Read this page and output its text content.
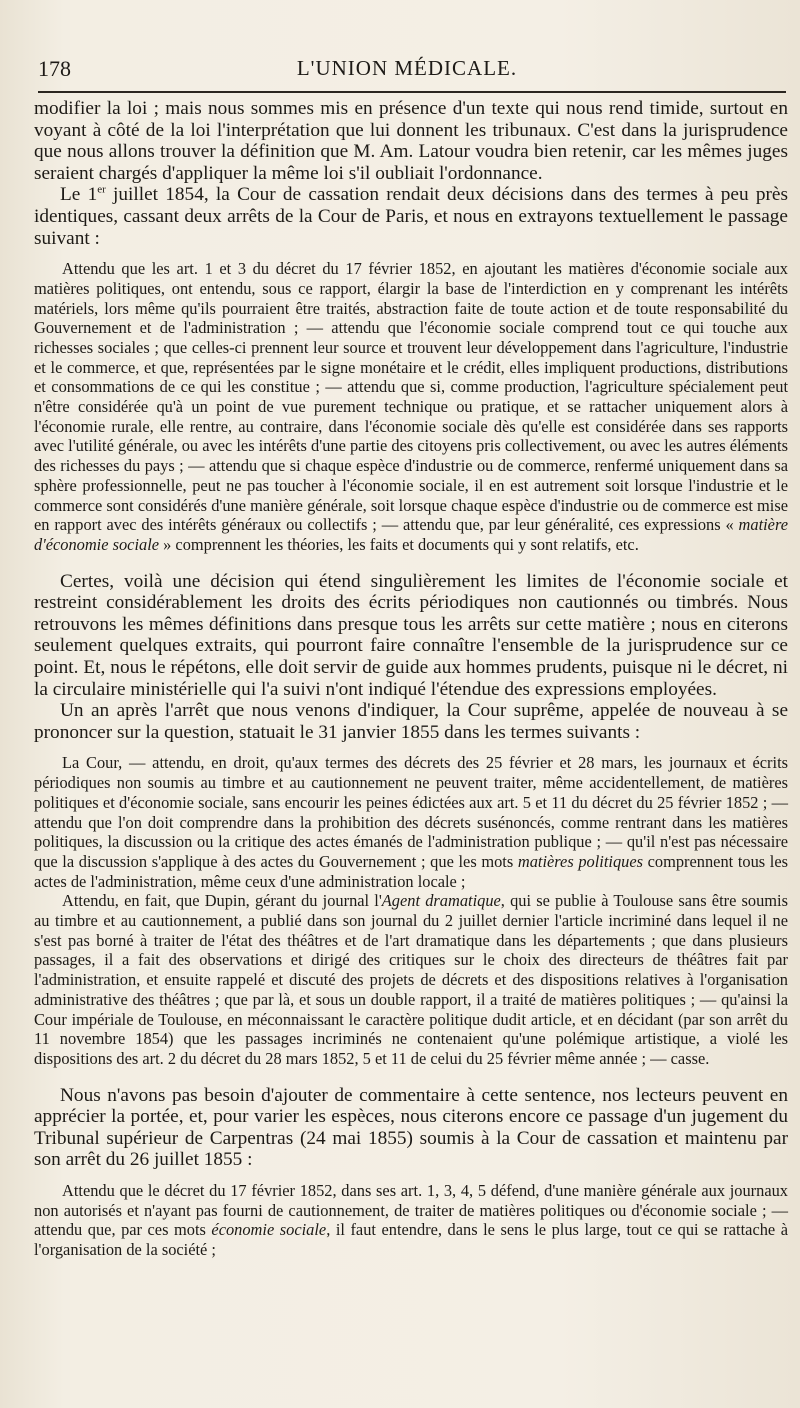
178	L'UNION MÉDICALE.

modifier la loi ; mais nous sommes mis en présence d'un texte qui nous rend timide, surtout en voyant à côté de la loi l'interprétation que lui donnent les tribunaux. C'est dans la jurisprudence que nous allons trouver la définition que M. Am. Latour voudra bien retenir, car les mêmes juges seraient chargés d'appliquer la même loi s'il oubliait l'ordonnance.

Le 1er juillet 1854, la Cour de cassation rendait deux décisions dans des termes à peu près identiques, cassant deux arrêts de la Cour de Paris, et nous en extrayons textuellement le passage suivant :

Attendu que les art. 1 et 3 du décret du 17 février 1852, en ajoutant les matières d'économie sociale aux matières politiques, ont entendu, sous ce rapport, élargir la base de l'interdiction en y comprenant les intérêts matériels, lors même qu'ils pourraient être traités, abstraction faite de toute action et de toute responsabilité du Gouvernement et de l'administration ; — attendu que l'économie sociale comprend tout ce qui touche aux richesses sociales ; que celles-ci prennent leur source et trouvent leur développement dans l'agriculture, l'industrie et le commerce, et que, représentées par le signe monétaire et le crédit, elles impliquent productions, distributions et consommations de ce qui les constitue ; — attendu que si, comme production, l'agriculture spécialement peut n'être considérée qu'à un point de vue purement technique ou pratique, et se rattacher uniquement alors à l'économie rurale, elle rentre, au contraire, dans l'économie sociale dès qu'elle est considérée dans ses rapports avec l'utilité générale, ou avec les intérêts d'une partie des citoyens pris collectivement, ou avec les autres éléments des richesses du pays ; — attendu que si chaque espèce d'industrie ou de commerce, renfermé uniquement dans sa sphère professionnelle, peut ne pas toucher à l'économie sociale, il en est autrement soit lorsque l'industrie et le commerce sont considérés d'une manière générale, soit lorsque chaque espèce d'industrie ou de commerce est mise en rapport avec des intérêts généraux ou collectifs ; — attendu que, par leur généralité, ces expressions « matière d'économie sociale » comprennent les théories, les faits et documents qui y sont relatifs, etc.

Certes, voilà une décision qui étend singulièrement les limites de l'économie sociale et restreint considérablement les droits des écrits périodiques non cautionnés ou timbrés. Nous retrouvons les mêmes définitions dans presque tous les arrêts sur cette matière ; nous en citerons seulement quelques extraits, qui pourront faire connaître l'ensemble de la jurisprudence sur ce point. Et, nous le répétons, elle doit servir de guide aux hommes prudents, puisque ni le décret, ni la circulaire ministérielle qui l'a suivi n'ont indiqué l'étendue des expressions employées.

Un an après l'arrêt que nous venons d'indiquer, la Cour suprême, appelée de nouveau à se prononcer sur la question, statuait le 31 janvier 1855 dans les termes suivants :

La Cour, — attendu, en droit, qu'aux termes des décrets des 25 février et 28 mars, les journaux et écrits périodiques non soumis au timbre et au cautionnement ne peuvent traiter, même accidentellement, de matières politiques et d'économie sociale, sans encourir les peines édictées aux art. 5 et 11 du décret du 25 février 1852 ; — attendu que l'on doit comprendre dans la prohibition des décrets susénoncés, comme rentrant dans les matières politiques, la discussion ou la critique des actes émanés de l'administration publique ; — qu'il n'est pas nécessaire que la discussion s'applique à des actes du Gouvernement ; que les mots matières politiques comprennent tous les actes de l'administration, même ceux d'une administration locale ;

Attendu, en fait, que Dupin, gérant du journal l'Agent dramatique, qui se publie à Toulouse sans être soumis au timbre et au cautionnement, a publié dans son journal du 2 juillet dernier l'article incriminé dans lequel il ne s'est pas borné à traiter de l'état des théâtres et de l'art dramatique dans les départements ; que dans plusieurs passages, il a fait des observations et dirigé des critiques sur le choix des directeurs de théâtres fait par l'administration, et ensuite rappelé et discuté des projets de décrets et des dispositions relatives à l'organisation administrative des théâtres ; que par là, et sous un double rapport, il a traité de matières politiques ; — qu'ainsi la Cour impériale de Toulouse, en méconnaissant le caractère politique dudit article, et en décidant (par son arrêt du 11 novembre 1854) que les passages incriminés ne contenaient qu'une polémique artistique, a violé les dispositions des art. 2 du décret du 28 mars 1852, 5 et 11 de celui du 25 février même année ; — casse.

Nous n'avons pas besoin d'ajouter de commentaire à cette sentence, nos lecteurs peuvent en apprécier la portée, et, pour varier les espèces, nous citerons encore ce passage d'un jugement du Tribunal supérieur de Carpentras (24 mai 1855) soumis à la Cour de cassation et maintenu par son arrêt du 26 juillet 1855 :

Attendu que le décret du 17 février 1852, dans ses art. 1, 3, 4, 5 défend, d'une manière générale aux journaux non autorisés et n'ayant pas fourni de cautionnement, de traiter de matières politiques ou d'économie sociale ; — attendu que, par ces mots économie sociale, il faut entendre, dans le sens le plus large, tout ce qui se rattache à l'organisation de la société ;
